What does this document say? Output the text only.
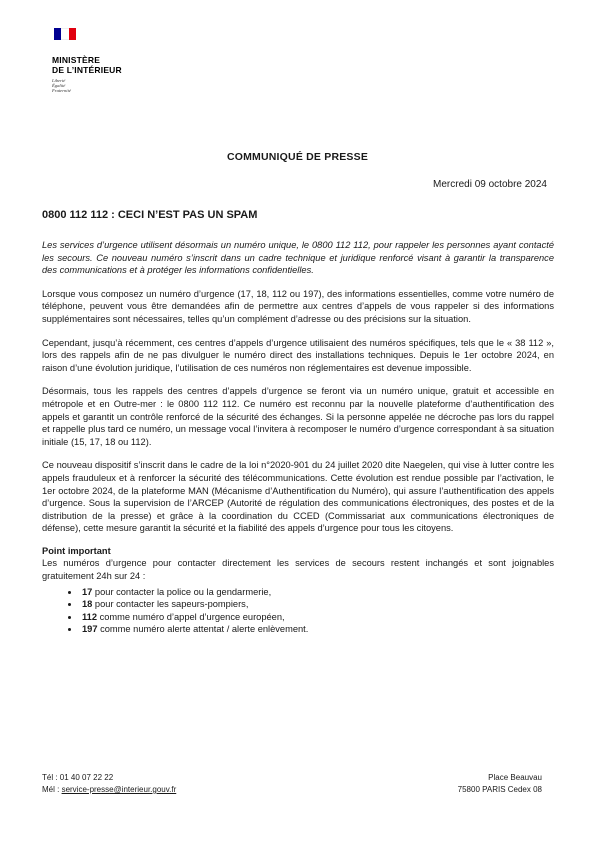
MINISTÈRE
DE L’INTÉRIEUR
Liberté
Égalité
Fraternité
COMMUNIQUÉ DE PRESSE
Mercredi 09 octobre 2024
0800 112 112 : CECI N’EST PAS UN SPAM

Les services d’urgence utilisent désormais un numéro unique, le 0800 112 112, pour rappeler les personnes ayant contacté les secours. Ce nouveau numéro s’inscrit dans un cadre technique et juridique renforcé visant à garantir la transparence des communications et à protéger les informations confidentielles.

Lorsque vous composez un numéro d’urgence (17, 18, 112 ou 197), des informations essentielles, comme votre numéro de téléphone, peuvent vous être demandées afin de permettre aux centres d’appels de vous rappeler si des informations supplémentaires sont nécessaires, telles qu’un complément d’adresse ou des précisions sur la situation.

Cependant, jusqu’à récemment, ces centres d’appels d’urgence utilisaient des numéros spécifiques, tels que le « 38 112 », lors des rappels afin de ne pas divulguer le numéro direct des installations techniques. Depuis le 1er octobre 2024, en raison d’une évolution juridique, l’utilisation de ces numéros non réglementaires est devenue impossible.

Désormais, tous les rappels des centres d’appels d’urgence se feront via un numéro unique, gratuit et accessible en métropole et en Outre-mer : le 0800 112 112. Ce numéro est reconnu par la nouvelle plateforme d’authentification des appels et garantit un contrôle renforcé de la sécurité des échanges. Si la personne appelée ne décroche pas lors du rappel et rappelle plus tard ce numéro, un message vocal l’invitera à recomposer le numéro d’urgence correspondant à sa situation initiale (15, 17, 18 ou 112).

Ce nouveau dispositif s’inscrit dans le cadre de la loi n°2020-901 du 24 juillet 2020 dite Naegelen, qui vise à lutter contre les appels frauduleux et à renforcer la sécurité des télécommunications. Cette évolution est rendue possible par l’activation, le 1er octobre 2024, de la plateforme MAN (Mécanisme d’Authentification du Numéro), qui assure l’authentification des appels d’urgence. Sous la supervision de l’ARCEP (Autorité de régulation des communications électroniques, des postes et de la distribution de la presse) et grâce à la coordination du CCED (Commissariat aux communications électroniques de défense), cette mesure garantit la sécurité et la fiabilité des appels d’urgence pour tous les citoyens.

Point important

Les numéros d’urgence pour contacter directement les services de secours restent inchangés et sont joignables gratuitement 24h sur 24 :

• 17 pour contacter la police ou la gendarmerie,
• 18 pour contacter les sapeurs-pompiers,
• 112 comme numéro d’appel d’urgence européen,
• 197 comme numéro alerte attentat / alerte enlèvement.
Tél : 01 40 07 22 22
Mél : service-presse@interieur.gouv.fr
Place Beauvau
75800 PARIS Cedex 08
